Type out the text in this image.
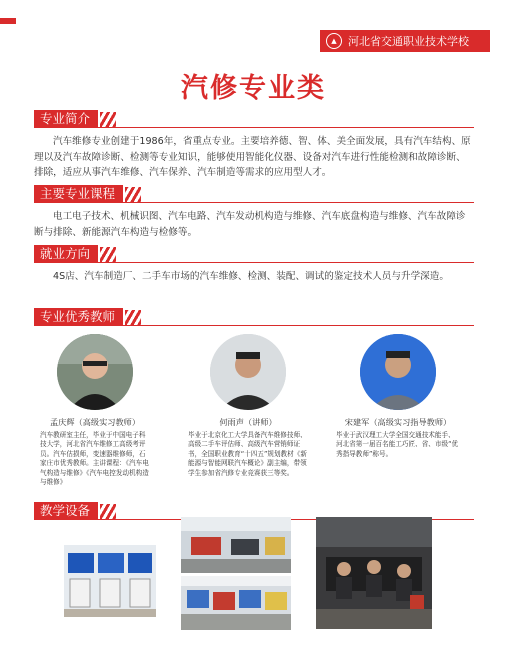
▲	河北省交通职业技术学校
汽修专业类
专业简介
汽车维修专业创建于1986年，省重点专业。主要培养德、智、体、美全面发展，具有汽车结构、原理以及汽车故障诊断、检测等专业知识，能够使用智能化仪器、设备对汽车进行性能检测和故障诊断、排除，适应从事汽车维修、汽车保养、汽车制造等需求的应用型人才。
主要专业课程
电工电子技术、机械识图、汽车电路、汽车发动机构造与维修、汽车底盘构造与维修、汽车故障诊断与排除、新能源汽车构造与检修等。
就业方向
4S店、汽车制造厂、二手车市场的汽车维修、检测、装配、调试的鉴定技术人员与升学深造。
专业优秀教师
孟庆辉（高级实习教师）
汽车教研室主任，毕业于中国电子科技大学，河北省汽车维修工高级考评员。汽车估损师，变速器维修师，石家庄市优秀教师。主讲课程：《汽车电气构造与维修》《汽车电控发动机构造与维修》
何雨声（讲师）
毕业于北京化工大学具备汽车维修技师、高级二手车评估师、高级汽车营销师证书，全国职业教育“十四五”规划教材《新能源与智能网联汽车概论》副主编，带领学生参加省汽修专业竞赛获三等奖。
宋建军（高级实习指导教师）
毕业于武汉理工大学全国交通技术能手、河北省第一届百名能工巧匠、省、市级“优秀指导教师”称号。
教学设备
